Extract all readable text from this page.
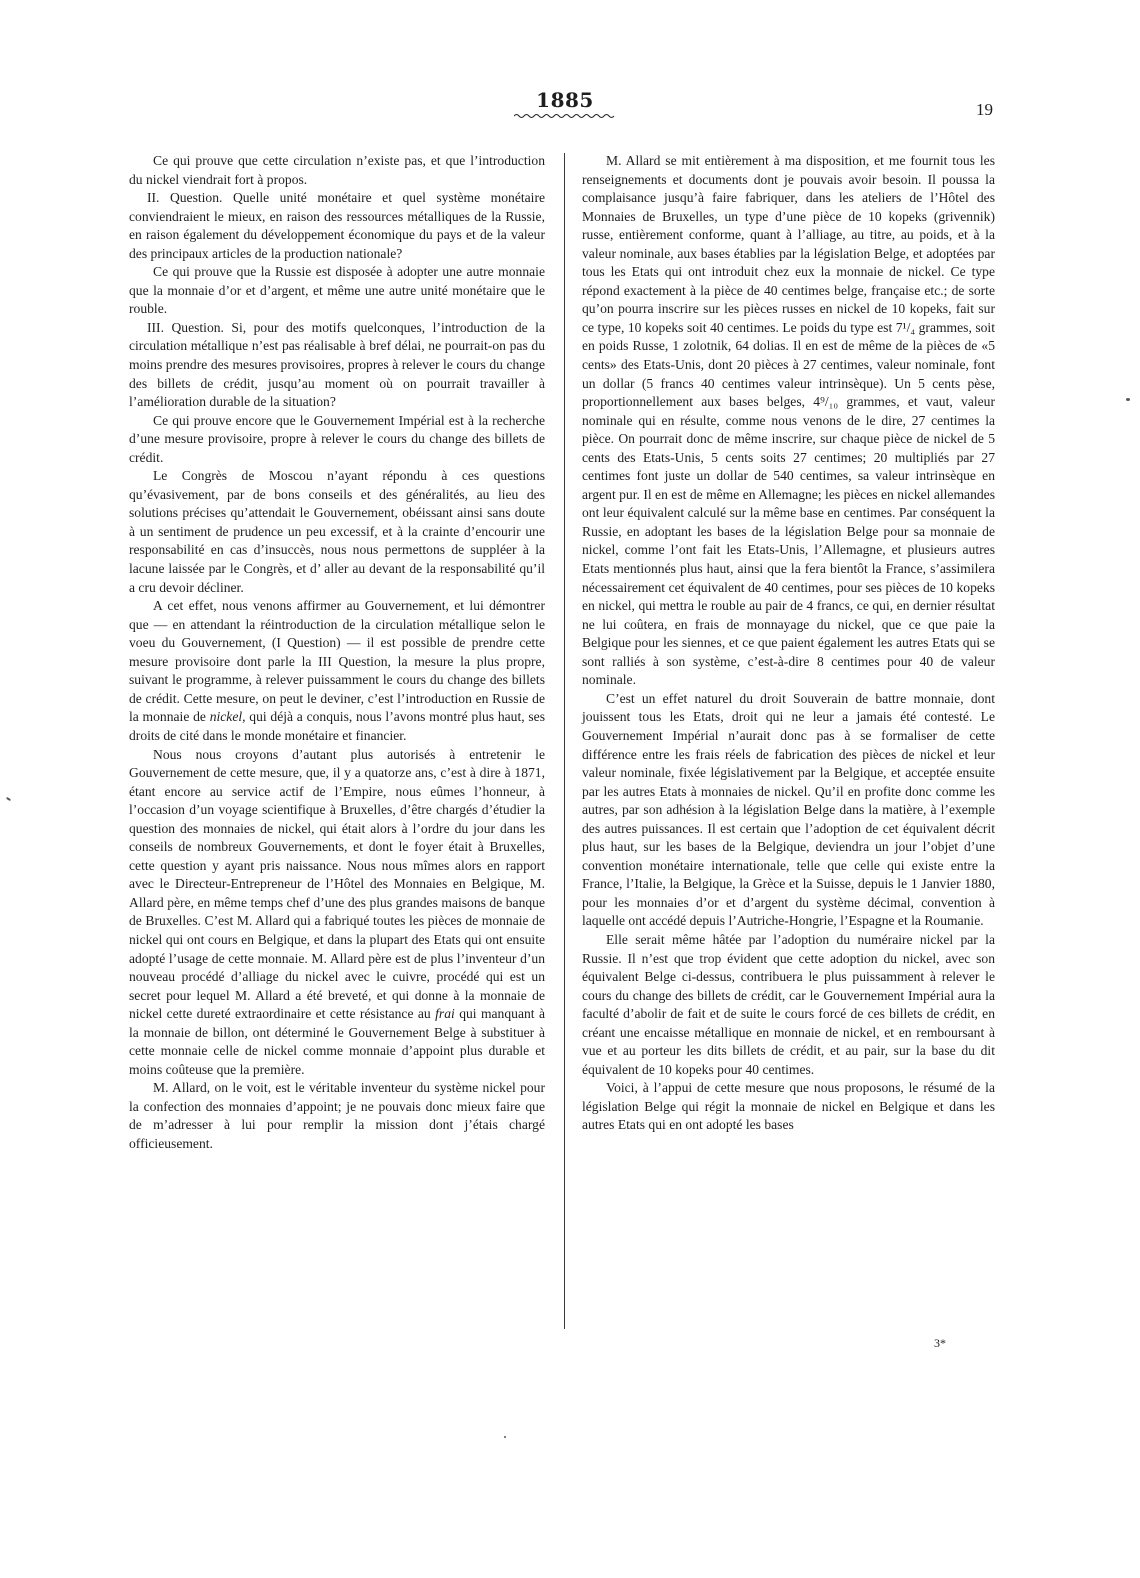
1885	19

Ce qui prouve que cette circulation n’existe pas, et que l’introduction du nickel viendrait fort à propos.

II. Question. Quelle unité monétaire et quel système monétaire conviendraient le mieux, en raison des ressources métalliques de la Russie, en raison également du développement économique du pays et de la valeur des principaux articles de la production nationale?

Ce qui prouve que la Russie est disposée à adopter une autre monnaie que la monnaie d’or et d’argent, et même une autre unité monétaire que le rouble.

III. Question. Si, pour des motifs quelconques, l’introduction de la circulation métallique n’est pas réalisable à bref délai, ne pourrait-on pas du moins prendre des mesures provisoires, propres à relever le cours du change des billets de crédit, jusqu’au moment où on pourrait travailler à l’amélioration durable de la situation?

Ce qui prouve encore que le Gouvernement Impérial est à la recherche d’une mesure provisoire, propre à relever le cours du change des billets de crédit.

Le Congrès de Moscou n’ayant répondu à ces questions qu’évasivement, par de bons conseils et des généralités, au lieu des solutions précises qu’attendait le Gouvernement, obéissant ainsi sans doute à un sentiment de prudence un peu excessif, et à la crainte d’encourir une responsabilité en cas d’insuccès, nous nous permettons de suppléer à la lacune laissée par le Congrès, et d’ aller au devant de la responsabilité qu’il a cru devoir décliner.

A cet effet, nous venons affirmer au Gouvernement, et lui démontrer que — en attendant la réintroduction de la circulation métallique selon le voeu du Gouvernement, (I Question) — il est possible de prendre cette mesure provisoire dont parle la III Question, la mesure la plus propre, suivant le programme, à relever puissamment le cours du change des billets de crédit. Cette mesure, on peut le deviner, c’est l’introduction en Russie de la monnaie de nickel, qui déjà a conquis, nous l’avons montré plus haut, ses droits de cité dans le monde monétaire et financier.

Nous nous croyons d’autant plus autorisés à entretenir le Gouvernement de cette mesure, que, il y a quatorze ans, c’est à dire à 1871, étant encore au service actif de l’Empire, nous eûmes l’honneur, à l’occasion d’un voyage scientifique à Bruxelles, d’être chargés d’étudier la question des monnaies de nickel, qui était alors à l’ordre du jour dans les conseils de nombreux Gouvernements, et dont le foyer était à Bruxelles, cette question y ayant pris naissance. Nous nous mîmes alors en rapport avec le Directeur-Entrepreneur de l’Hôtel des Monnaies en Belgique, M. Allard père, en même temps chef d’une des plus grandes maisons de banque de Bruxelles. C’est M. Allard qui a fabriqué toutes les pièces de monnaie de nickel qui ont cours en Belgique, et dans la plupart des Etats qui ont ensuite adopté l’usage de cette monnaie. M. Allard père est de plus l’inventeur d’un nouveau procédé d’alliage du nickel avec le cuivre, procédé qui est un secret pour lequel M. Allard a été breveté, et qui donne à la monnaie de nickel cette dureté extraordinaire et cette résistance au frai qui manquant à la monnaie de billon, ont déterminé le Gouvernement Belge à substituer à cette monnaie celle de nickel comme monnaie d’appoint plus durable et moins coûteuse que la première.

M. Allard, on le voit, est le véritable inventeur du système nickel pour la confection des monnaies d’appoint; je ne pouvais donc mieux faire que de m’adresser à lui pour remplir la mission dont j’étais chargé officieusement.

M. Allard se mit entièrement à ma disposition, et me fournit tous les renseignements et documents dont je pouvais avoir besoin. Il poussa la complaisance jusqu’à faire fabriquer, dans les ateliers de l’Hôtel des Monnaies de Bruxelles, un type d’une pièce de 10 kopeks (grivennik) russe, entièrement conforme, quant à l’alliage, au titre, au poids, et à la valeur nominale, aux bases établies par la législation Belge, et adoptées par tous les Etats qui ont introduit chez eux la monnaie de nickel. Ce type répond exactement à la pièce de 40 centimes belge, française etc.; de sorte qu’on pourra inscrire sur les pièces russes en nickel de 10 kopeks, fait sur ce type, 10 kopeks soit 40 centimes. Le poids du type est 7¹/₄ grammes, soit en poids Russe, 1 zolotnik, 64 dolias. Il en est de même de la pièces de «5 cents» des Etats-Unis, dont 20 pièces à 27 centimes, valeur nominale, font un dollar (5 francs 40 centimes valeur intrinsèque). Un 5 cents pèse, proportionnellement aux bases belges, 4⁹/₁₀ grammes, et vaut, valeur nominale qui en résulte, comme nous venons de le dire, 27 centimes la pièce. On pourrait donc de même inscrire, sur chaque pièce de nickel de 5 cents des Etats-Unis, 5 cents soits 27 centimes; 20 multipliés par 27 centimes font juste un dollar de 540 centimes, sa valeur intrinsèque en argent pur. Il en est de même en Allemagne; les pièces en nickel allemandes ont leur équivalent calculé sur la même base en centimes. Par conséquent la Russie, en adoptant les bases de la législation Belge pour sa monnaie de nickel, comme l’ont fait les Etats-Unis, l’Allemagne, et plusieurs autres Etats mentionnés plus haut, ainsi que la fera bientôt la France, s’assimilera nécessairement cet équivalent de 40 centimes, pour ses pièces de 10 kopeks en nickel, qui mettra le rouble au pair de 4 francs, ce qui, en dernier résultat ne lui coûtera, en frais de monnayage du nickel, que ce que paie la Belgique pour les siennes, et ce que paient également les autres Etats qui se sont ralliés à son système, c’est-à-dire 8 centimes pour 40 de valeur nominale.

C’est un effet naturel du droit Souverain de battre monnaie, dont jouissent tous les Etats, droit qui ne leur a jamais été contesté. Le Gouvernement Impérial n’aurait donc pas à se formaliser de cette différence entre les frais réels de fabrication des pièces de nickel et leur valeur nominale, fixée législativement par la Belgique, et acceptée ensuite par les autres Etats à monnaies de nickel. Qu’il en profite donc comme les autres, par son adhésion à la législation Belge dans la matière, à l’exemple des autres puissances. Il est certain que l’adoption de cet équivalent décrit plus haut, sur les bases de la Belgique, deviendra un jour l’objet d’une convention monétaire internationale, telle que celle qui existe entre la France, l’Italie, la Belgique, la Grèce et la Suisse, depuis le 1 Janvier 1880, pour les monnaies d’or et d’argent du système décimal, convention à laquelle ont accédé depuis l’Autriche-Hongrie, l’Espagne et la Roumanie.

Elle serait même hâtée par l’adoption du numéraire nickel par la Russie. Il n’est que trop évident que cette adoption du nickel, avec son équivalent Belge ci-dessus, contribuera le plus puissamment à relever le cours du change des billets de crédit, car le Gouvernement Impérial aura la faculté d’abolir de fait et de suite le cours forcé de ces billets de crédit, en créant une encaisse métallique en monnaie de nickel, et en remboursant à vue et au porteur les dits billets de crédit, et au pair, sur la base du dit équivalent de 10 kopeks pour 40 centimes.

Voici, à l’appui de cette mesure que nous proposons, le résumé de la législation Belge qui régit la monnaie de nickel en Belgique et dans les autres Etats qui en ont adopté les bases

3*
